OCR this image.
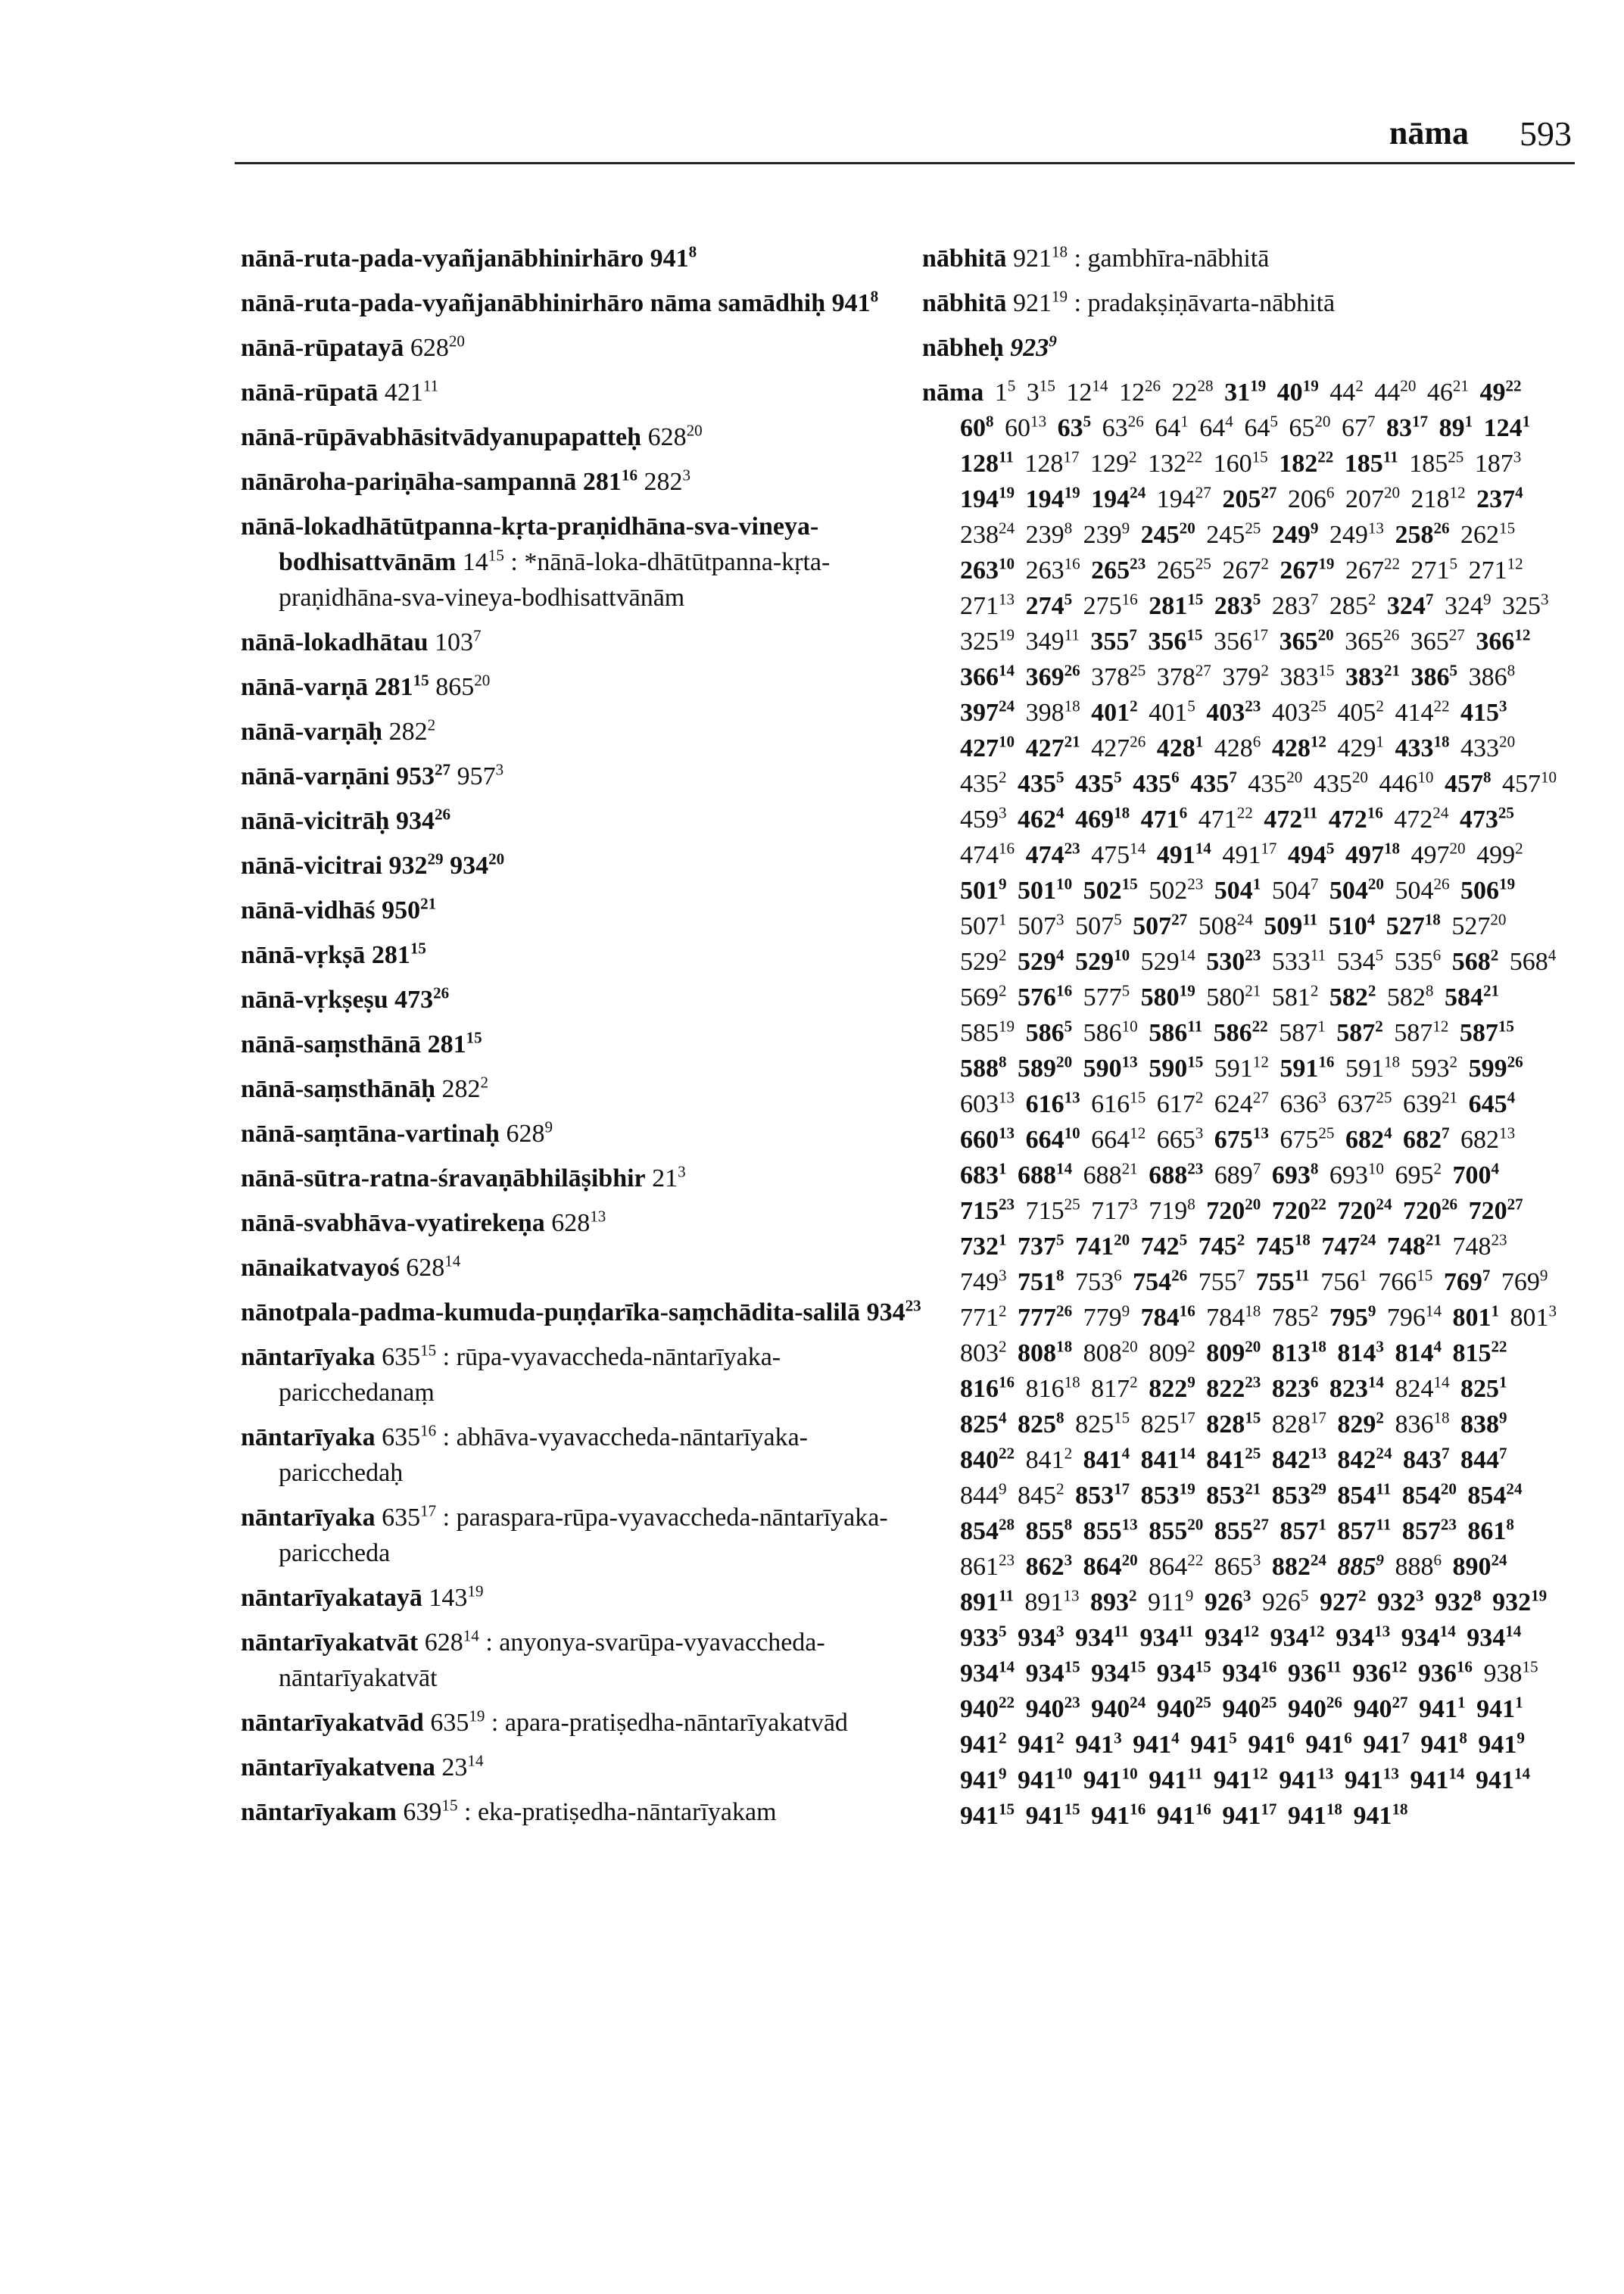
nāma 593
nānā-ruta-pada-vyañjanābhinirhāro $941^8$
nānā-ruta-pada-vyañjanābhinirhāro nāma samādhiḥ $941^8$
nānā-rūpatayā $628^{20}$
nānā-rūpatā $421^{11}$
nānā-rūpāvabhāsitvādyanupapatteḥ $628^{20}$
nānāroha-pariṇāha-sampannā $281^{16}$ $282^3$
nānā-lokadhātūtpanna-kṛta-praṇidhāna-sva-vineya-bodhisattvānām $14^{15}$ : *nānā-loka-dhātūtpanna-kṛta-praṇidhāna-sva-vineya-bodhisattvānām
nānā-lokadhātau $103^7$
nānā-varṇā $281^{15}$ $865^{20}$
nānā-varṇāḥ $282^2$
nānā-varṇāni $953^{27}$ $957^3$
nānā-vicitrāḥ $934^{26}$
nānā-vicitrai $932^{29}$ $934^{20}$
nānā-vidhāś $950^{21}$
nānā-vṛkṣā $281^{15}$
nānā-vṛkṣeṣu $473^{26}$
nānā-saṃsthānā $281^{15}$
nānā-saṃsthānāḥ $282^2$
nānā-saṃtāna-vartinaḥ $628^9$
nānā-sūtra-ratna-śravaṇābhilāṣibhir $21^3$
nānā-svabhāva-vyatirekeṇa $628^{13}$
nānaikatvayoś $628^{14}$
nānotpala-padma-kumuda-puṇḍarīka-saṃchādita-salilā $934^{23}$
nāntarīyaka $635^{15}$ : rūpa-vyavaccheda-nāntarīyaka-paricchedanaṃ
nāntarīyaka $635^{16}$ : abhāva-vyavaccheda-nāntarīyaka-paricchedaḥ
nāntarīyaka $635^{17}$ : paraspara-rūpa-vyavaccheda-nāntarīyaka-pariccheda
nāntarīyakatayā $143^{19}$
nāntarīyakatvāt $628^{14}$ : anyonya-svarūpa-vyavaccheda-nāntarīyakatvāt
nāntarīyakatvād $635^{19}$ : apara-pratiṣedha-nāntarīyakatvād
nāntarīyakatvena $23^{14}$
nāntarīyakam $639^{15}$ : eka-pratiṣedha-nāntarīyakam
nābhitā $921^{18}$ : gambhīra-nābhitā
nābhitā $921^{19}$ : pradakṣiṇāvarta-nābhitā
nābheḥ $923^9$
nāma $1^5$ $3^{15}$ $12^{14}$ $12^{26}$ $22^{28}$ $31^{19}$ $40^{19}$ $44^2$ $44^{20}$ $46^{21}$ $49^{22}$ $60^8$ $60^{13}$ $63^5$ $63^{26}$ $64^1$ $64^4$ $64^5$ $65^{20}$ $67^7$ $83^{17}$ $89^1$ $124^1$ $128^{11}$ $128^{17}$ $129^2$ $132^{22}$ $160^{15}$ $182^{22}$ $185^{11}$ $185^{25}$ $187^3$ $194^{19}$ $194^{19}$ $194^{24}$ $194^{27}$ $205^{27}$ $206^6$ $207^{20}$ $218^{12}$ $237^4$ $238^{24}$ $239^8$ $239^9$ $245^{20}$ $245^{25}$ $249^9$ $249^{13}$ $258^{26}$ $262^{15}$ $263^{10}$ $263^{16}$ $265^{23}$ $265^{25}$ $267^2$ $267^{19}$ $267^{22}$ $271^5$ $271^{12}$ $271^{13}$ $274^5$ $275^{16}$ $281^{15}$ $283^5$ $283^7$ $285^2$ $324^7$ $324^9$ $325^3$ $325^{19}$ $349^{11}$ $355^7$ $356^{15}$ $356^{17}$ $365^{20}$ $365^{26}$ $365^{27}$ $366^{12}$ $366^{14}$ $369^{26}$ $378^{25}$ $378^{27}$ $379^2$ $383^{15}$ $383^{21}$ $386^5$ $386^8$ $397^{24}$ $398^{18}$ $401^2$ $401^5$ $403^{23}$ $403^{25}$ $405^2$ $414^{22}$ $415^3$ $427^{10}$ $427^{21}$ $427^{26}$ $428^1$ $428^6$ $428^{12}$ $429^1$ $433^{18}$ $433^{20}$ $435^2$ $435^5$ $435^5$ $435^6$ $435^7$ $435^{20}$ $435^{20}$ $446^{10}$ $457^8$ $457^{10}$ $459^3$ $462^4$ $469^{18}$ $471^6$ $471^{22}$ $472^{11}$ $472^{16}$ $472^{24}$ $473^{25}$ $474^{16}$ $474^{23}$ $475^{14}$ $491^{14}$ $491^{17}$ $494^5$ $497^{18}$ $497^{20}$ $499^2$ $501^9$ $501^{10}$ $502^{15}$ $502^{23}$ $504^1$ $504^7$ $504^{20}$ $504^{26}$ $506^{19}$ $507^1$ $507^3$ $507^5$ $507^{27}$ $508^{24}$ $509^{11}$ $510^4$ $527^{18}$ $527^{20}$ $529^2$ $529^4$ $529^{10}$ $529^{14}$ $530^{23}$ $533^{11}$ $534^5$ $535^6$ $568^2$ $568^4$ $569^2$ $576^{16}$ $577^5$ $580^{19}$ $580^{21}$ $581^2$ $582^2$ $582^8$ $584^{21}$ $585^{19}$ $586^5$ $586^{10}$ $586^{11}$ $586^{22}$ $587^1$ $587^2$ $587^{12}$ $587^{15}$ $588^8$ $589^{20}$ $590^{13}$ $590^{15}$ $591^{12}$ $591^{16}$ $591^{18}$ $593^2$ $599^{26}$ $603^{13}$ $616^{13}$ $616^{15}$ $617^2$ $624^{27}$ $636^3$ $637^{25}$ $639^{21}$ $645^4$ $660^{13}$ $664^{10}$ $664^{12}$ $665^3$ $675^{13}$ $675^{25}$ $682^4$ $682^7$ $682^{13}$ $683^1$ $688^{14}$ $688^{21}$ $688^{23}$ $689^7$ $693^8$ $693^{10}$ $695^2$ $700^4$ $715^{23}$ $715^{25}$ $717^3$ $719^8$ $720^{20}$ $720^{22}$ $720^{24}$ $720^{26}$ $720^{27}$ $732^1$ $737^5$ $741^{20}$ $742^5$ $745^2$ $745^{18}$ $747^{24}$ $748^{21}$ $748^{23}$ $749^3$ $751^8$ $753^6$ $754^{26}$ $755^7$ $755^{11}$ $756^1$ $766^{15}$ $769^7$ $769^9$ $771^2$ $777^{26}$ $779^9$ $784^{16}$ $784^{18}$ $785^2$ $795^9$ $796^{14}$ $801^1$ $801^3$ $803^2$ $808^{18}$ $808^{20}$ $809^2$ $809^{20}$ $813^{18}$ $814^3$ $814^4$ $815^{22}$ $816^{16}$ $816^{18}$ $817^2$ $822^9$ $822^{23}$ $823^6$ $823^{14}$ $824^{14}$ $825^1$ $825^4$ $825^8$ $825^{15}$ $825^{17}$ $828^{15}$ $828^{17}$ $829^2$ $836^{18}$ $838^9$ $840^{22}$ $841^2$ $841^4$ $841^{14}$ $841^{25}$ $842^{13}$ $842^{24}$ $843^7$ $844^7$ $844^9$ $845^2$ $853^{17}$ $853^{19}$ $853^{21}$ $853^{29}$ $854^{11}$ $854^{20}$ $854^{24}$ $854^{28}$ $855^8$ $855^{13}$ $855^{20}$ $855^{27}$ $857^1$ $857^{11}$ $857^{23}$ $861^8$ $861^{23}$ $862^3$ $864^{20}$ $864^{22}$ $865^3$ $882^{24}$ $885^9$ $888^6$ $890^{24}$ $891^{11}$ $891^{13}$ $893^2$ $911^9$ $926^3$ $926^5$ $927^2$ $932^3$ $932^8$ $932^{19}$ $933^5$ $934^3$ $934^{11}$ $934^{11}$ $934^{12}$ $934^{12}$ $934^{13}$ $934^{14}$ $934^{14}$ $934^{14}$ $934^{15}$ $934^{15}$ $934^{15}$ $934^{16}$ $936^{11}$ $936^{12}$ $936^{16}$ $938^{15}$ $940^{22}$ $940^{23}$ $940^{24}$ $940^{25}$ $940^{25}$ $940^{26}$ $940^{27}$ $941^1$ $941^1$ $941^2$ $941^2$ $941^3$ $941^4$ $941^5$ $941^6$ $941^6$ $941^7$ $941^8$ $941^9$ $941^9$ $941^{10}$ $941^{10}$ $941^{11}$ $941^{12}$ $941^{13}$ $941^{13}$ $941^{14}$ $941^{14}$ $941^{15}$ $941^{15}$ $941^{16}$ $941^{16}$ $941^{17}$ $941^{18}$ $941^{18}$
